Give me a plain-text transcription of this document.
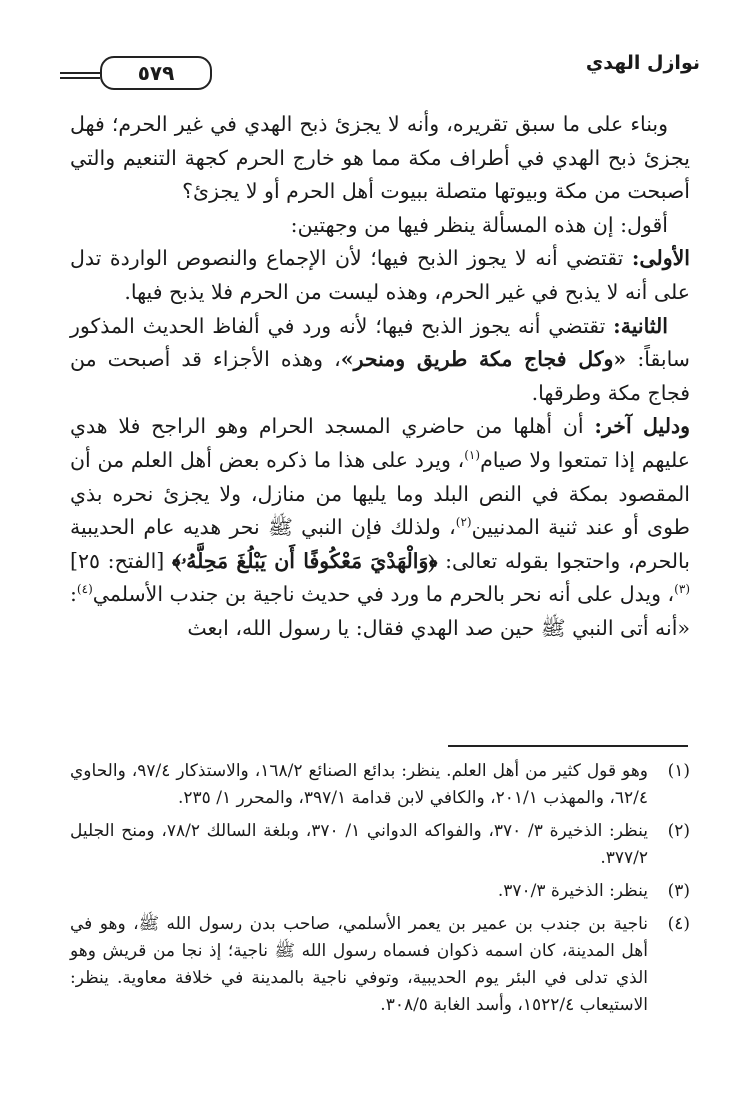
٥٧٩	نوازل الهدي

وبناء على ما سبق تقريره، وأنه لا يجزئ ذبح الهدي في غير الحرم؛ فهل يجزئ ذبح الهدي في أطراف مكة مما هو خارج الحرم كجهة التنعيم والتي أصبحت من مكة وبيوتها متصلة ببيوت أهل الحرم أو لا يجزئ؟

أقول: إن هذه المسألة ينظر فيها من وجهتين:

الأولى: تقتضي أنه لا يجوز الذبح فيها؛ لأن الإجماع والنصوص الواردة تدل على أنه لا يذبح في غير الحرم، وهذه ليست من الحرم فلا يذبح فيها.

الثانية: تقتضي أنه يجوز الذبح فيها؛ لأنه ورد في ألفاظ الحديث المذكور سابقاً: «وكل فجاج مكة طريق ومنحر»، وهذه الأجزاء قد أصبحت من فجاج مكة وطرقها.

ودليل آخر: أن أهلها من حاضري المسجد الحرام وهو الراجح فلا هدي عليهم إذا تمتعوا ولا صيام$^{(١)}$، ويرد على هذا ما ذكره بعض أهل العلم من أن المقصود بمكة في النص البلد وما يليها من منازل، ولا يجزئ نحره بذي طوى أو عند ثنية المدنيين$^{(٢)}$، ولذلك فإن النبي ﷺ نحر هديه عام الحديبية بالحرم، واحتجوا بقوله تعالى: ﴿وَالْهَدْيَ مَعْكُوفًا أَن يَبْلُغَ مَحِلَّهُۥ﴾ [الفتح: ٢٥]$^{(٣)}$، ويدل على أنه نحر بالحرم ما ورد في حديث ناجية بن جندب الأسلمي$^{(٤)}$: «أنه أتى النبي ﷺ حين صد الهدي فقال: يا رسول الله، ابعث

(١)
وهو قول كثير من أهل العلم. ينظر: بدائع الصنائع ١٦٨/٢، والاستذكار ٩٧/٤، والحاوي ٦٢/٤، والمهذب ٢٠١/١، والكافي لابن قدامة ٣٩٧/١، والمحرر ١/ ٢٣٥.
(٢)
ينظر: الذخيرة ٣/ ٣٧٠، والفواكه الدواني ١/ ٣٧٠، وبلغة السالك ٧٨/٢، ومنح الجليل ٣٧٧/٢.
(٣)
ينظر: الذخيرة ٣٧٠/٣.
(٤)
ناجية بن جندب بن عمير بن يعمر الأسلمي، صاحب بدن رسول الله ﷺ، وهو في أهل المدينة، كان اسمه ذكوان فسماه رسول الله ﷺ ناجية؛ إذ نجا من قريش وهو الذي تدلى في البئر يوم الحديبية، وتوفي ناجية بالمدينة في خلافة معاوية. ينظر: الاستيعاب ١٥٢٢/٤، وأسد الغابة ٣٠٨/٥.
